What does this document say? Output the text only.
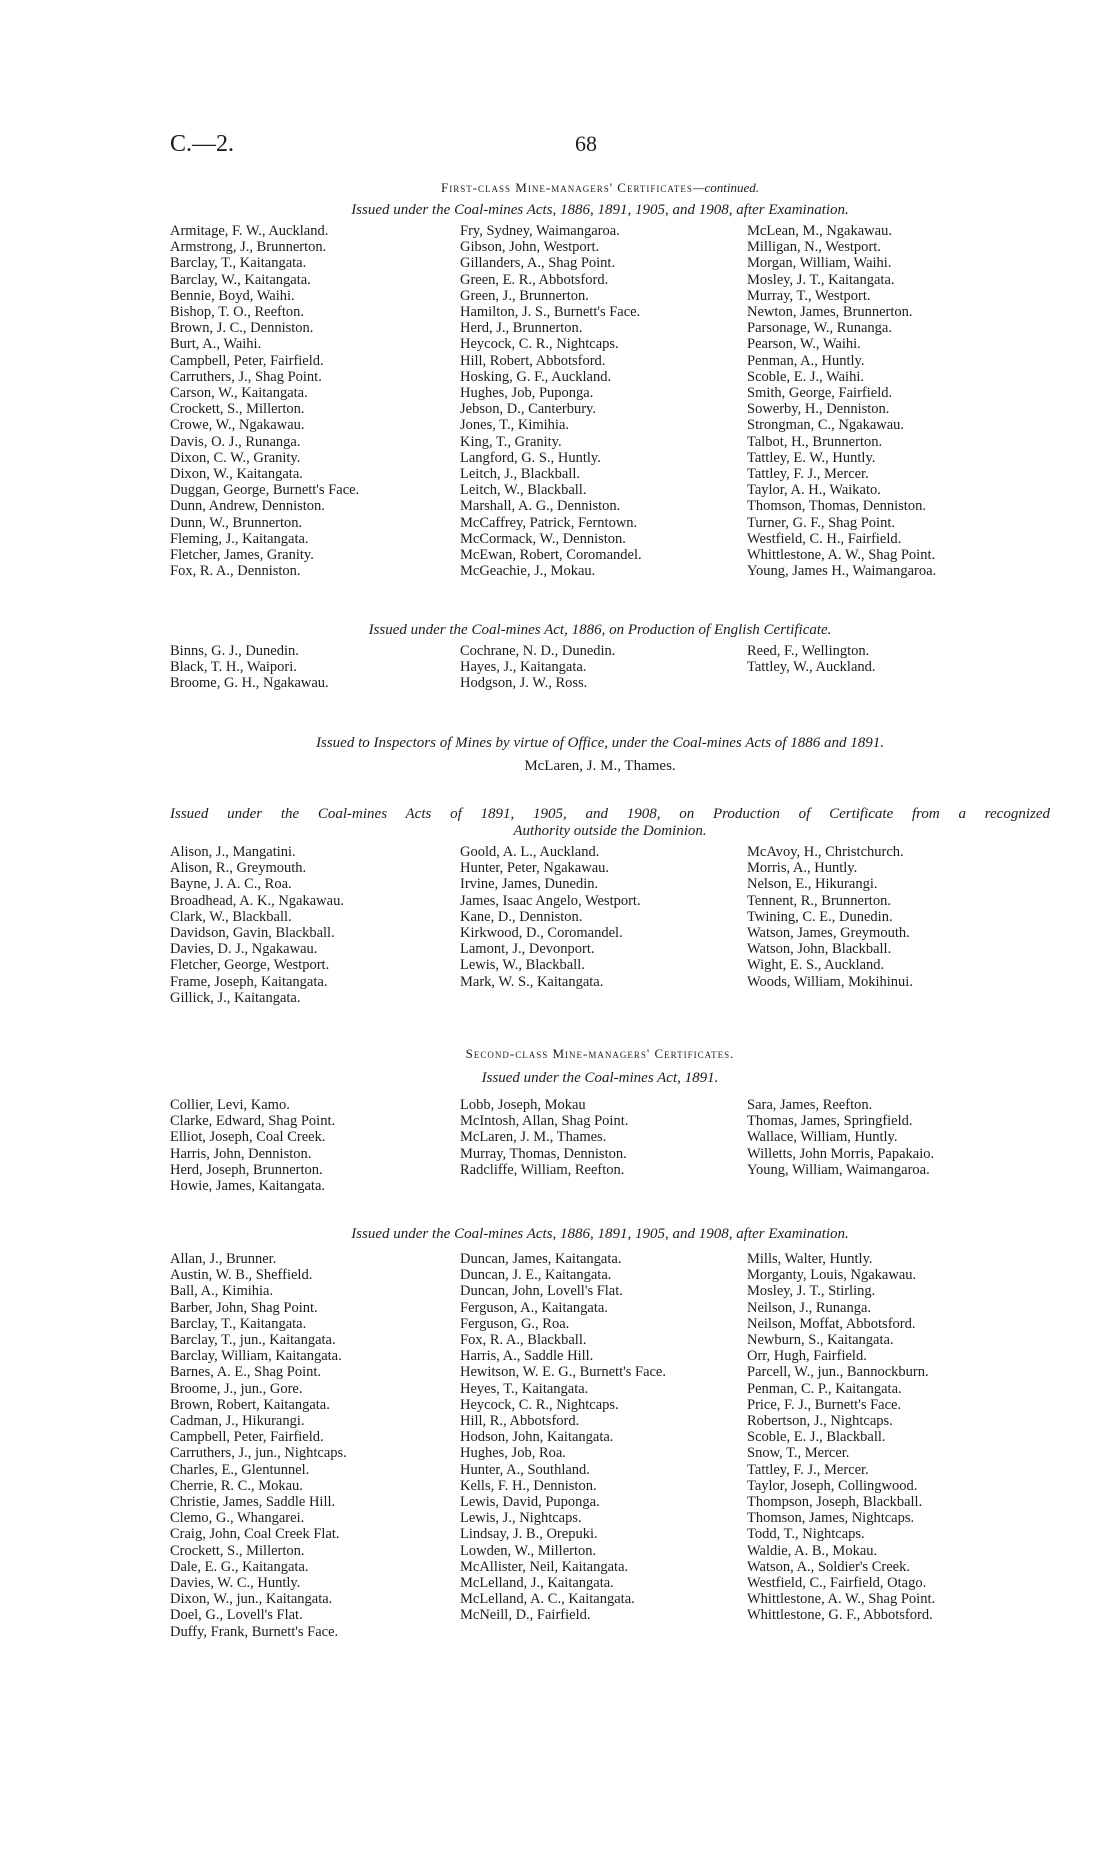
C.—2.	68
First-class Mine-managers' Certificates—continued.
Issued under the Coal-mines Acts, 1886, 1891, 1905, and 1908, after Examination.
Armitage, F. W., Auckland.
Armstrong, J., Brunnerton.
Barclay, T., Kaitangata.
Barclay, W., Kaitangata.
Bennie, Boyd, Waihi.
Bishop, T. O., Reefton.
Brown, J. C., Denniston.
Burt, A., Waihi.
Campbell, Peter, Fairfield.
Carruthers, J., Shag Point.
Carson, W., Kaitangata.
Crockett, S., Millerton.
Crowe, W., Ngakawau.
Davis, O. J., Runanga.
Dixon, C. W., Granity.
Dixon, W., Kaitangata.
Duggan, George, Burnett's Face.
Dunn, Andrew, Denniston.
Dunn, W., Brunnerton.
Fleming, J., Kaitangata.
Fletcher, James, Granity.
Fox, R. A., Denniston.
Fry, Sydney, Waimangaroa.
Gibson, John, Westport.
Gillanders, A., Shag Point.
Green, E. R., Abbotsford.
Green, J., Brunnerton.
Hamilton, J. S., Burnett's Face.
Herd, J., Brunnerton.
Heycock, C. R., Nightcaps.
Hill, Robert, Abbotsford.
Hosking, G. F., Auckland.
Hughes, Job, Puponga.
Jebson, D., Canterbury.
Jones, T., Kimihia.
King, T., Granity.
Langford, G. S., Huntly.
Leitch, J., Blackball.
Leitch, W., Blackball.
Marshall, A. G., Denniston.
McCaffrey, Patrick, Ferntown.
McCormack, W., Denniston.
McEwan, Robert, Coromandel.
McGeachie, J., Mokau.
McLean, M., Ngakawau.
Milligan, N., Westport.
Morgan, William, Waihi.
Mosley, J. T., Kaitangata.
Murray, T., Westport.
Newton, James, Brunnerton.
Parsonage, W., Runanga.
Pearson, W., Waihi.
Penman, A., Huntly.
Scoble, E. J., Waihi.
Smith, George, Fairfield.
Sowerby, H., Denniston.
Strongman, C., Ngakawau.
Talbot, H., Brunnerton.
Tattley, E. W., Huntly.
Tattley, F. J., Mercer.
Taylor, A. H., Waikato.
Thomson, Thomas, Denniston.
Turner, G. F., Shag Point.
Westfield, C. H., Fairfield.
Whittlestone, A. W., Shag Point.
Young, James H., Waimangaroa.
Issued under the Coal-mines Act, 1886, on Production of English Certificate.
Binns, G. J., Dunedin.
Black, T. H., Waipori.
Broome, G. H., Ngakawau.
Cochrane, N. D., Dunedin.
Hayes, J., Kaitangata.
Hodgson, J. W., Ross.
Reed, F., Wellington.
Tattley, W., Auckland.
Issued to Inspectors of Mines by virtue of Office, under the Coal-mines Acts of 1886 and 1891.
McLaren, J. M., Thames.
Issued under the Coal-mines Acts of 1891, 1905, and 1908, on Production of Certificate from a recognized
Authority outside the Dominion.
Alison, J., Mangatini.
Alison, R., Greymouth.
Bayne, J. A. C., Roa.
Broadhead, A. K., Ngakawau.
Clark, W., Blackball.
Davidson, Gavin, Blackball.
Davies, D. J., Ngakawau.
Fletcher, George, Westport.
Frame, Joseph, Kaitangata.
Gillick, J., Kaitangata.
Goold, A. L., Auckland.
Hunter, Peter, Ngakawau.
Irvine, James, Dunedin.
James, Isaac Angelo, Westport.
Kane, D., Denniston.
Kirkwood, D., Coromandel.
Lamont, J., Devonport.
Lewis, W., Blackball.
Mark, W. S., Kaitangata.
McAvoy, H., Christchurch.
Morris, A., Huntly.
Nelson, E., Hikurangi.
Tennent, R., Brunnerton.
Twining, C. E., Dunedin.
Watson, James, Greymouth.
Watson, John, Blackball.
Wight, E. S., Auckland.
Woods, William, Mokihinui.
Second-class Mine-managers' Certificates.
Issued under the Coal-mines Act, 1891.
Collier, Levi, Kamo.
Clarke, Edward, Shag Point.
Elliot, Joseph, Coal Creek.
Harris, John, Denniston.
Herd, Joseph, Brunnerton.
Howie, James, Kaitangata.
Lobb, Joseph, Mokau
McIntosh, Allan, Shag Point.
McLaren, J. M., Thames.
Murray, Thomas, Denniston.
Radcliffe, William, Reefton.
Sara, James, Reefton.
Thomas, James, Springfield.
Wallace, William, Huntly.
Willetts, John Morris, Papakaio.
Young, William, Waimangaroa.
Issued under the Coal-mines Acts, 1886, 1891, 1905, and 1908, after Examination.
Allan, J., Brunner.
Austin, W. B., Sheffield.
Ball, A., Kimihia.
Barber, John, Shag Point.
Barclay, T., Kaitangata.
Barclay, T., jun., Kaitangata.
Barclay, William, Kaitangata.
Barnes, A. E., Shag Point.
Broome, J., jun., Gore.
Brown, Robert, Kaitangata.
Cadman, J., Hikurangi.
Campbell, Peter, Fairfield.
Carruthers, J., jun., Nightcaps.
Charles, E., Glentunnel.
Cherrie, R. C., Mokau.
Christie, James, Saddle Hill.
Clemo, G., Whangarei.
Craig, John, Coal Creek Flat.
Crockett, S., Millerton.
Dale, E. G., Kaitangata.
Davies, W. C., Huntly.
Dixon, W., jun., Kaitangata.
Doel, G., Lovell's Flat.
Duffy, Frank, Burnett's Face.
Duncan, James, Kaitangata.
Duncan, J. E., Kaitangata.
Duncan, John, Lovell's Flat.
Ferguson, A., Kaitangata.
Ferguson, G., Roa.
Fox, R. A., Blackball.
Harris, A., Saddle Hill.
Hewitson, W. E. G., Burnett's Face.
Heyes, T., Kaitangata.
Heycock, C. R., Nightcaps.
Hill, R., Abbotsford.
Hodson, John, Kaitangata.
Hughes, Job, Roa.
Hunter, A., Southland.
Kells, F. H., Denniston.
Lewis, David, Puponga.
Lewis, J., Nightcaps.
Lindsay, J. B., Orepuki.
Lowden, W., Millerton.
McAllister, Neil, Kaitangata.
McLelland, J., Kaitangata.
McLelland, A. C., Kaitangata.
McNeill, D., Fairfield.
Mills, Walter, Huntly.
Morganty, Louis, Ngakawau.
Mosley, J. T., Stirling.
Neilson, J., Runanga.
Neilson, Moffat, Abbotsford.
Newburn, S., Kaitangata.
Orr, Hugh, Fairfield.
Parcell, W., jun., Bannockburn.
Penman, C. P., Kaitangata.
Price, F. J., Burnett's Face.
Robertson, J., Nightcaps.
Scoble, E. J., Blackball.
Snow, T., Mercer.
Tattley, F. J., Mercer.
Taylor, Joseph, Collingwood.
Thompson, Joseph, Blackball.
Thomson, James, Nightcaps.
Todd, T., Nightcaps.
Waldie, A. B., Mokau.
Watson, A., Soldier's Creek.
Westfield, C., Fairfield, Otago.
Whittlestone, A. W., Shag Point.
Whittlestone, G. F., Abbotsford.
